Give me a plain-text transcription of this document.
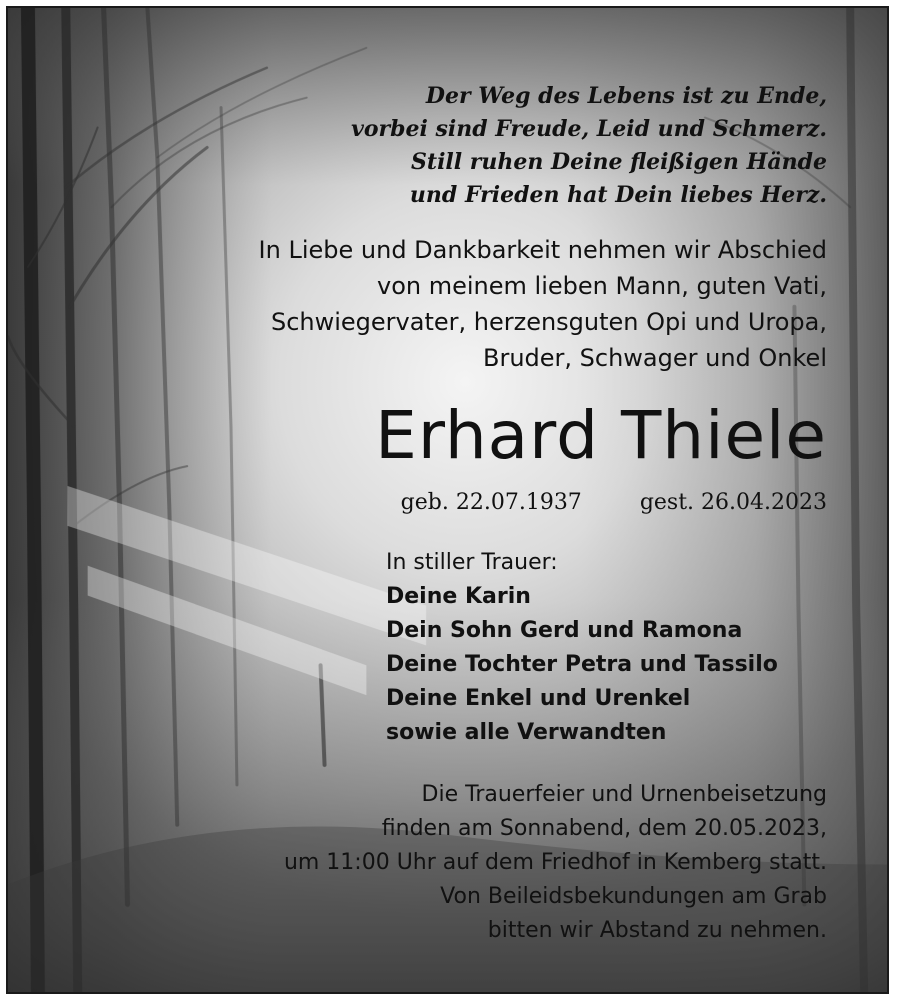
Der Weg des Lebens ist zu Ende,
vorbei sind Freude, Leid und Schmerz.
Still ruhen Deine fleißigen Hände
und Frieden hat Dein liebes Herz.
In Liebe und Dankbarkeit nehmen wir Abschied
von meinem lieben Mann, guten Vati,
Schwiegervater, herzensguten Opi und Uropa,
Bruder, Schwager und Onkel
Erhard Thiele
geb. 22.07.1937	gest. 26.04.2023
In stiller Trauer:
Deine Karin
Dein Sohn Gerd und Ramona
Deine Tochter Petra und Tassilo
Deine Enkel und Urenkel
sowie alle Verwandten
Die Trauerfeier und Urnenbeisetzung
finden am Sonnabend, dem 20.05.2023,
um 11:00 Uhr auf dem Friedhof in Kemberg statt.
Von Beileidsbekundungen am Grab
bitten wir Abstand zu nehmen.
